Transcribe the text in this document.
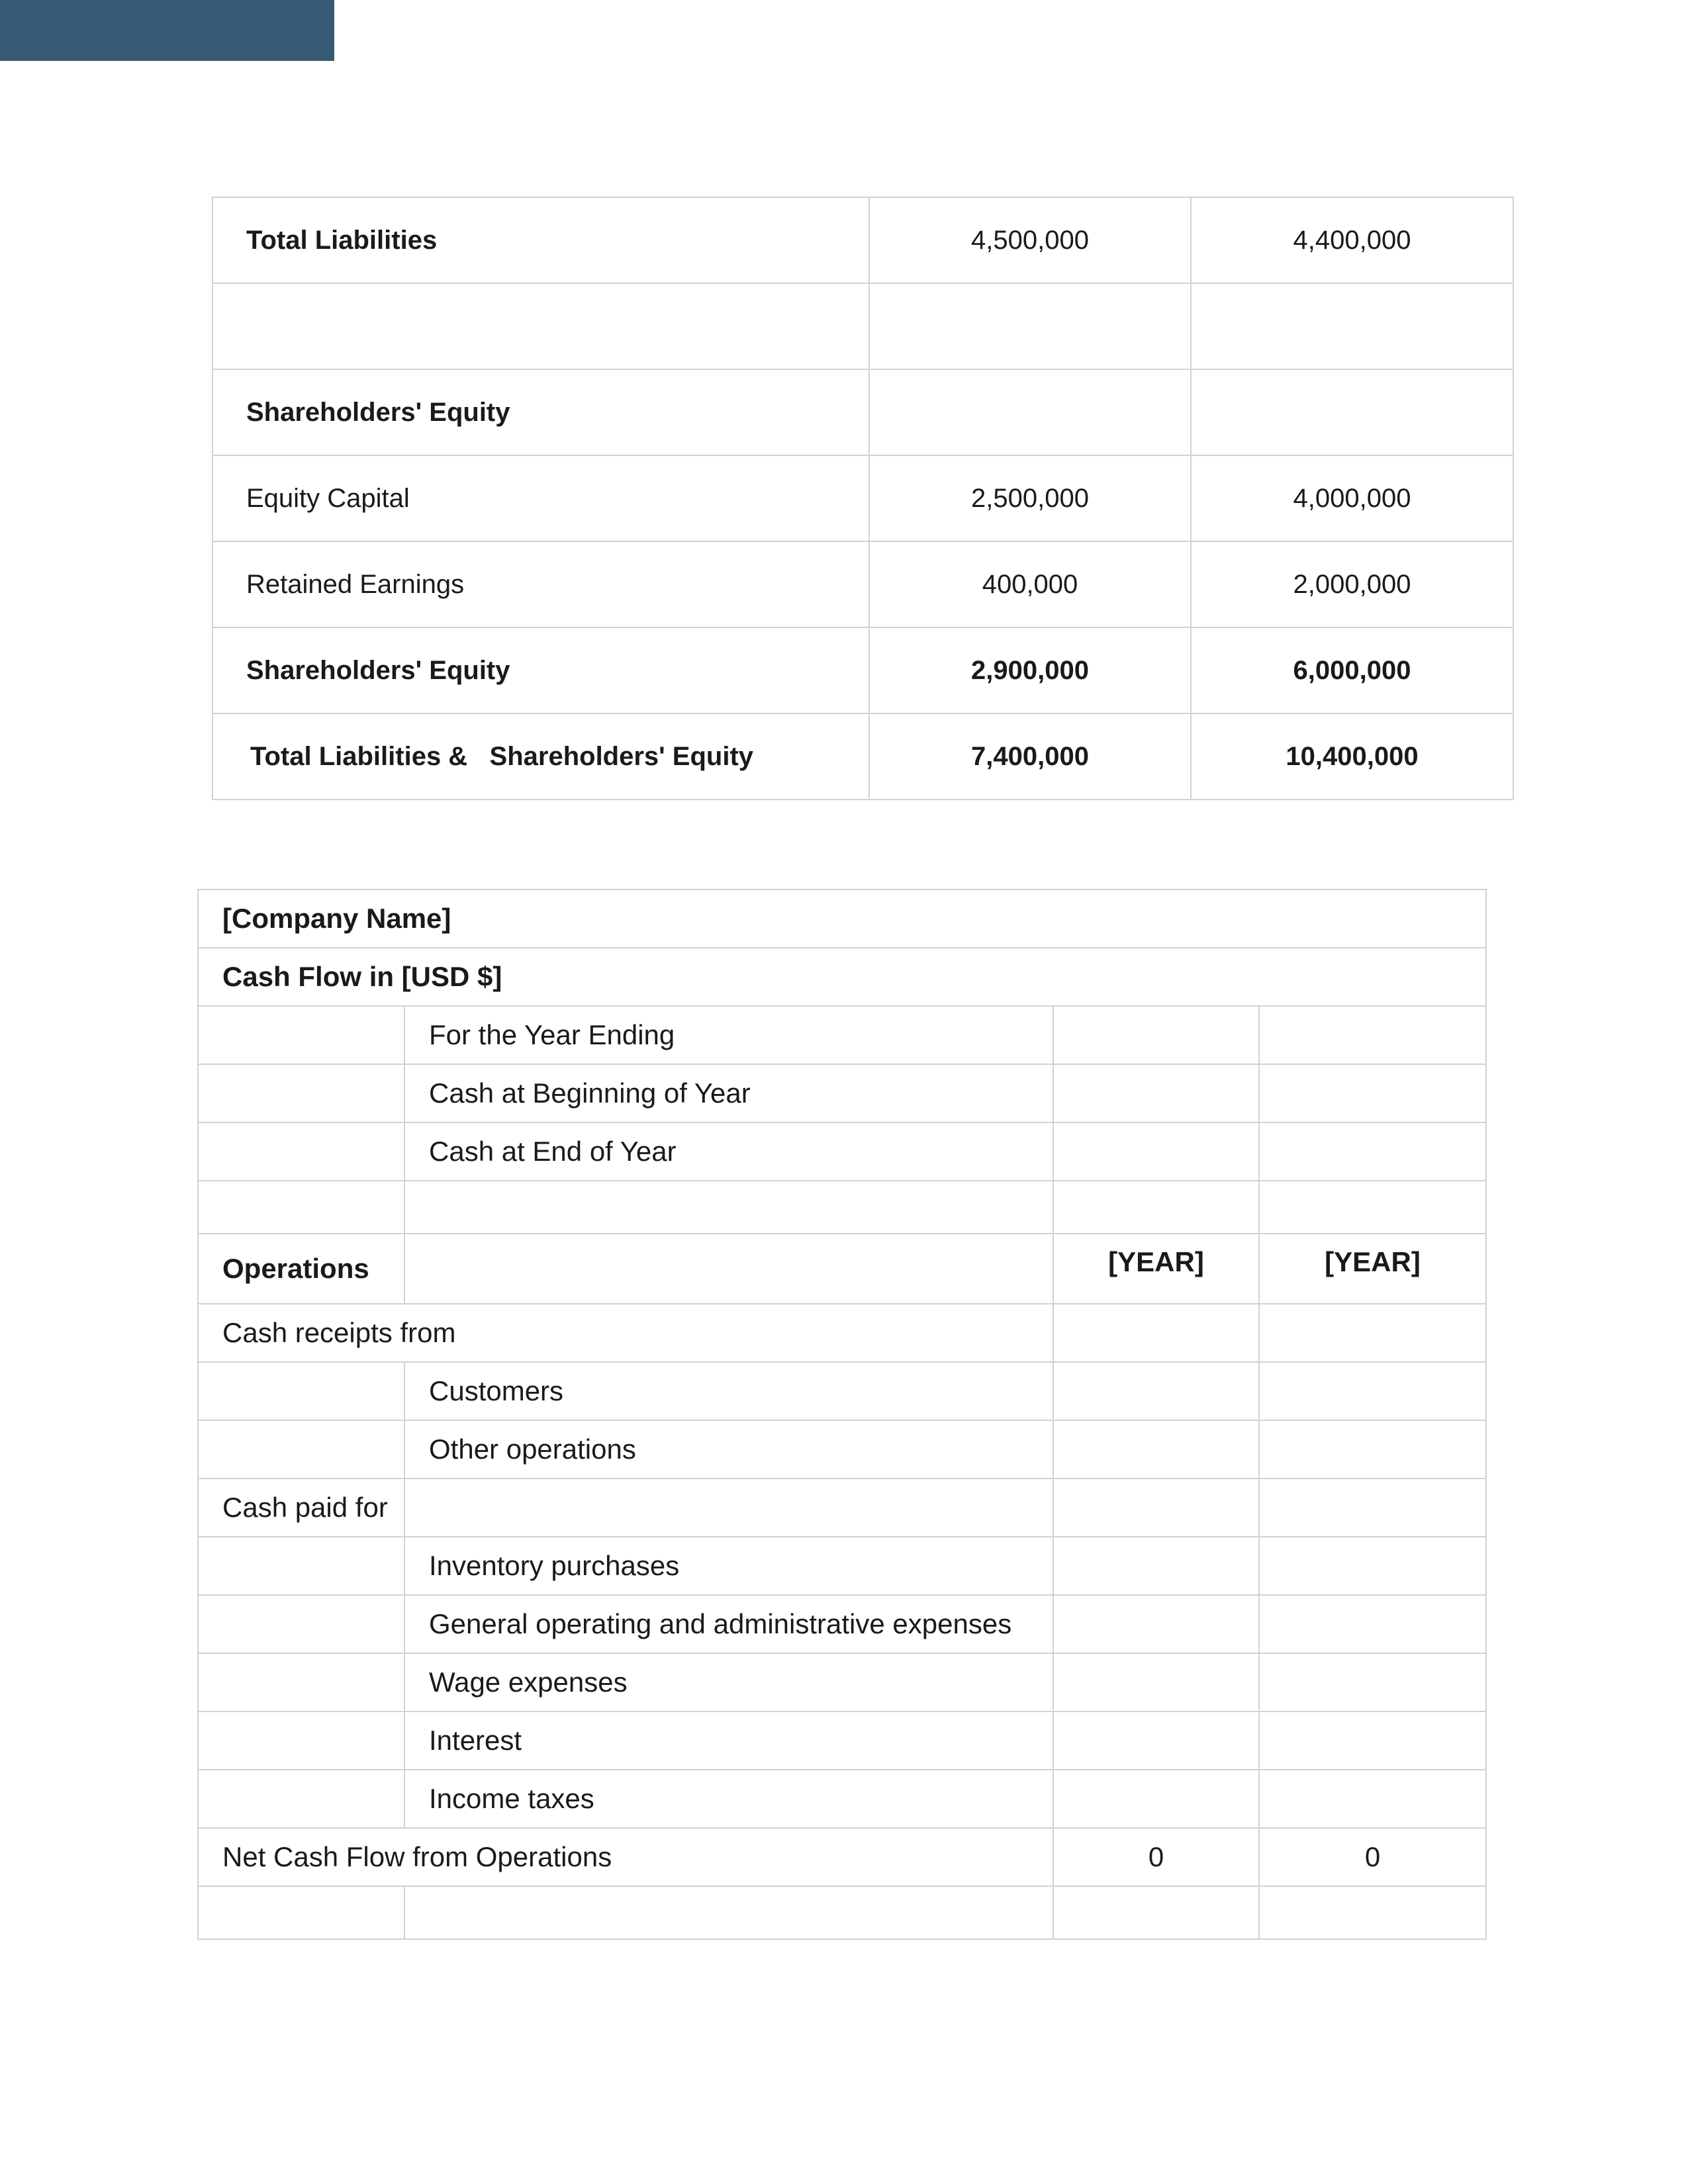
Total Liabilities	4,500,000	4,400,000

Shareholders' Equity		
Equity Capital	2,500,000	4,000,000
Retained Earnings	400,000	2,000,000
Shareholders' Equity	2,900,000	6,000,000
Total Liabilities &   Shareholders' Equity	7,400,000	10,400,000
[Company Name]			
Cash Flow in [USD $]			
	For the Year Ending		
	Cash at Beginning of Year		
	Cash at End of Year		

Operations		[YEAR]	[YEAR]
Cash receipts from			
	Customers		
	Other operations		
Cash paid for			
	Inventory purchases		
	General operating and administrative expenses		
	Wage expenses		
	Interest		
	Income taxes		
Net Cash Flow from Operations		0	0
